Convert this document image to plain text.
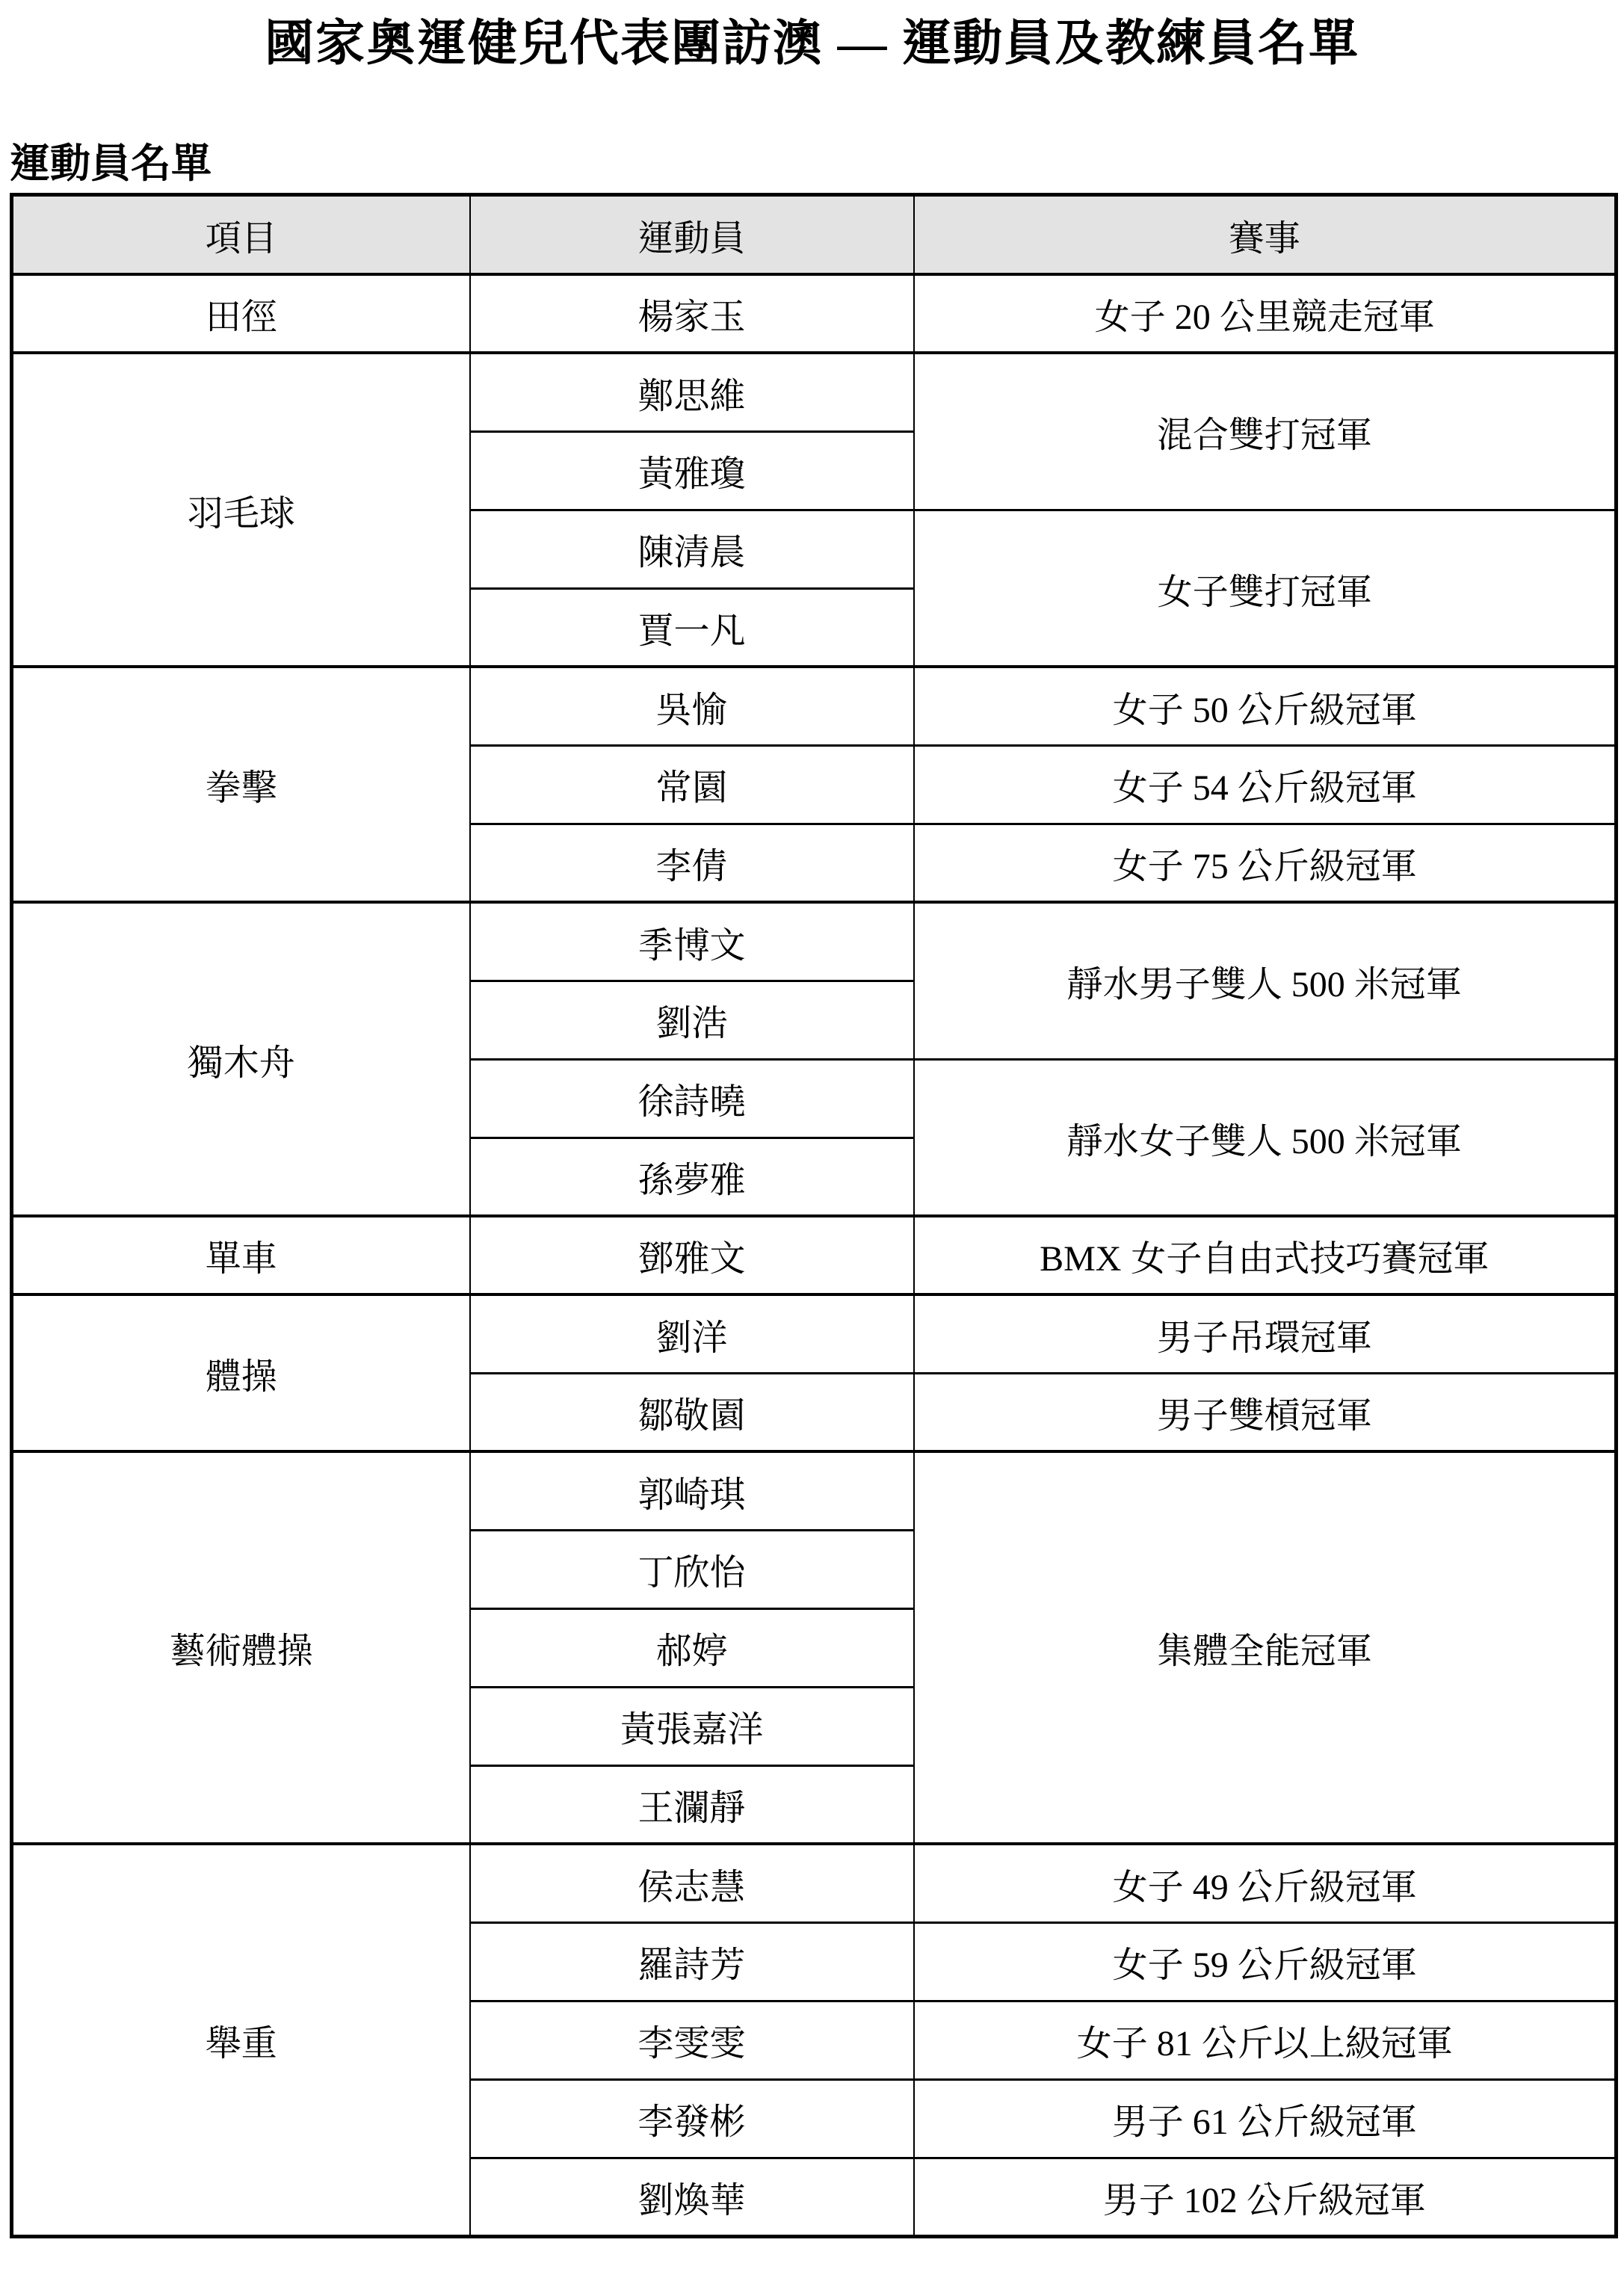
國家奧運健兒代表團訪澳 — 運動員及教練員名單
運動員名單
項目	運動員	賽事
田徑	楊家玉	女子 20 公里競走冠軍
羽毛球	鄭思維	混合雙打冠軍
	黃雅瓊	
	陳清晨	女子雙打冠軍
	賈一凡	
拳擊	吳愉	女子 50 公斤級冠軍
	常園	女子 54 公斤級冠軍
	李倩	女子 75 公斤級冠軍
獨木舟	季博文	靜水男子雙人 500 米冠軍
	劉浩	
	徐詩曉	靜水女子雙人 500 米冠軍
	孫夢雅	
單車	鄧雅文	BMX 女子自由式技巧賽冠軍
體操	劉洋	男子吊環冠軍
	鄒敬園	男子雙槓冠軍
藝術體操	郭崎琪	集體全能冠軍
	丁欣怡	
	郝婷	
	黃張嘉洋	
	王瀾靜	
舉重	侯志慧	女子 49 公斤級冠軍
	羅詩芳	女子 59 公斤級冠軍
	李雯雯	女子 81 公斤以上級冠軍
	李發彬	男子 61 公斤級冠軍
	劉煥華	男子 102 公斤級冠軍
